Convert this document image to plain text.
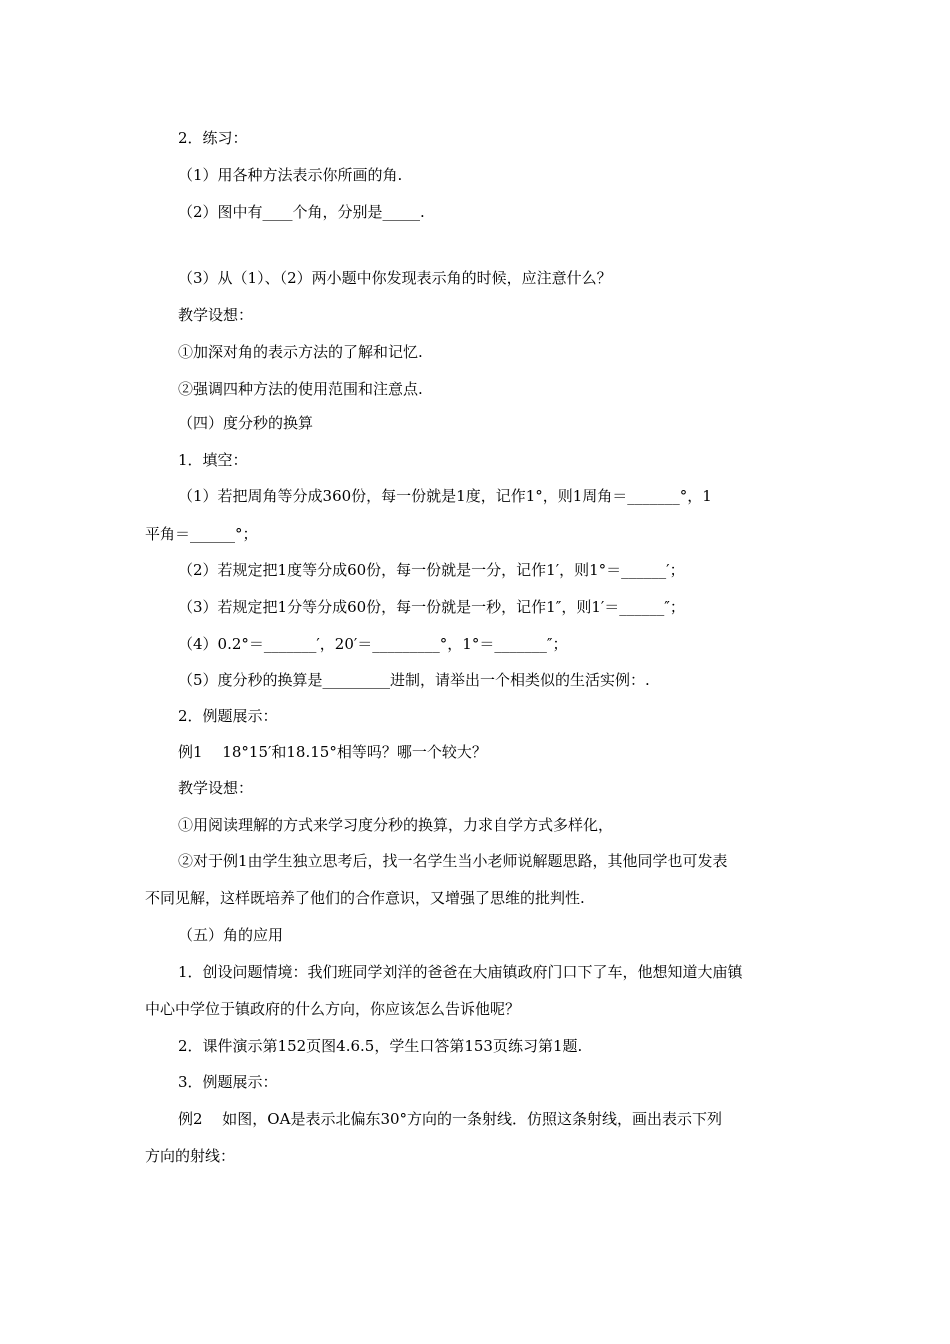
2．练习：
（1）用各种方法表示你所画的角.
（2）图中有____个角，分别是_____.
（3）从（1）、（2）两小题中你发现表示角的时候，应注意什么？
教学设想：
①加深对角的表示方法的了解和记忆.
②强调四种方法的使用范围和注意点.
（四）度分秒的换算
1．填空：
（1）若把周角等分成360份，每一份就是1度，记作1°，则1周角＝_______°，1
平角＝______°；
（2）若规定把1度等分成60份，每一份就是一分，记作1′，则1°＝______′；
（3）若规定把1分等分成60份，每一份就是一秒，记作1″，则1′＝______″；
（4）0.2°＝_______′，20′＝_________°，1°＝_______″；
（5）度分秒的换算是_________进制，请举出一个相类似的生活实例：.
2．例题展示：
例1　 18°15′和18.15°相等吗？哪一个较大？
教学设想：
①用阅读理解的方式来学习度分秒的换算，力求自学方式多样化，
②对于例1由学生独立思考后，找一名学生当小老师说解题思路，其他同学也可发表
不同见解，这样既培养了他们的合作意识，又增强了思维的批判性.
（五）角的应用
1．创设问题情境：我们班同学刘洋的爸爸在大庙镇政府门口下了车，他想知道大庙镇
中心中学位于镇政府的什么方向，你应该怎么告诉他呢？
2．课件演示第152页图4.6.5，学生口答第153页练习第1题.
3．例题展示：
例2　 如图，OA是表示北偏东30°方向的一条射线．仿照这条射线，画出表示下列
方向的射线：
